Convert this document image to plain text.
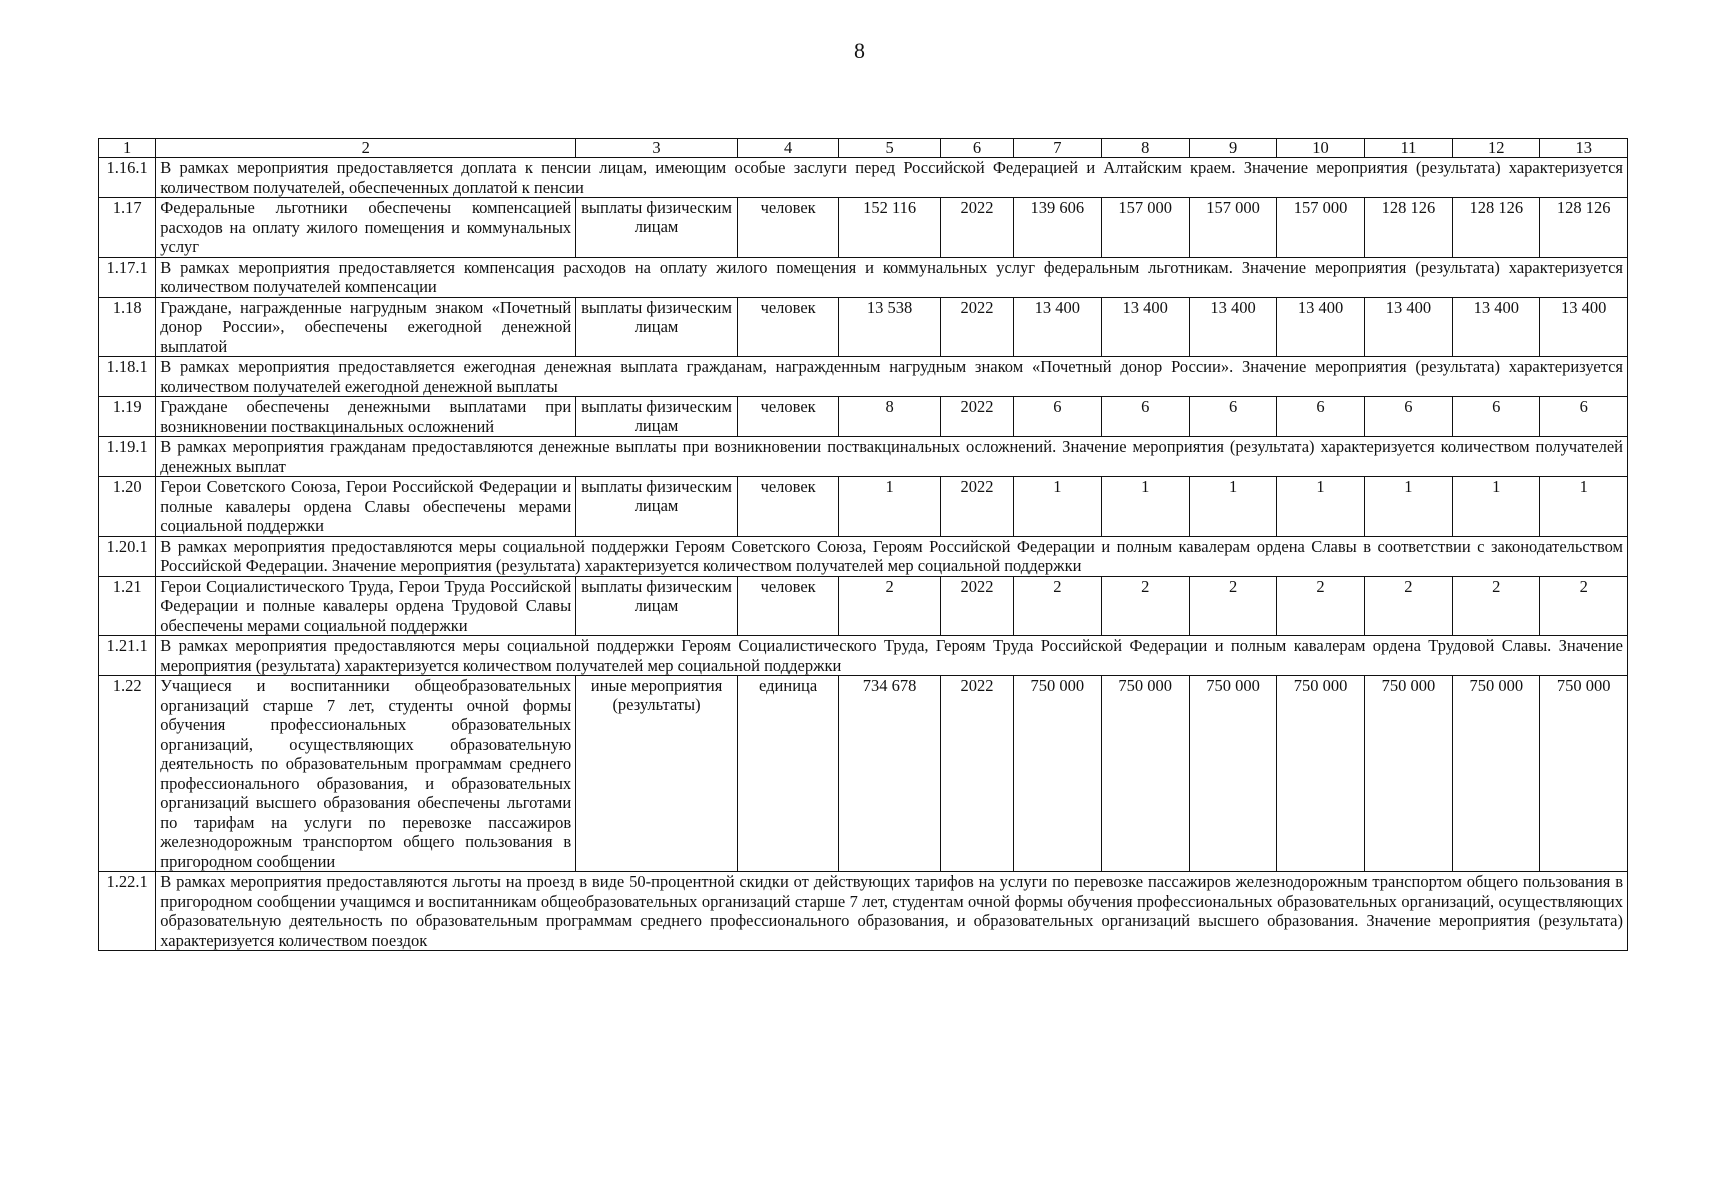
8
1	2	3	4	5	6	7	8	9	10	11	12	13
1.16.1	В рамках мероприятия предоставляется доплата к пенсии лицам, имеющим особые заслуги перед Российской Федерацией и Алтайским краем. Значение мероприятия (результата) характеризуется количеством получателей, обеспеченных доплатой к пенсии											
1.17	Федеральные льготники обеспечены компенсацией расходов на оплату жилого помещения и коммунальных услуг	выплаты физическим лицам	человек	152 116	2022	139 606	157 000	157 000	157 000	128 126	128 126	128 126
1.17.1	В рамках мероприятия предоставляется компенсация расходов на оплату жилого помещения и коммунальных услуг федеральным льготникам. Значение мероприятия (результата) характеризуется количеством получателей компенсации											
1.18	Граждане, награжденные нагрудным знаком «Почетный донор России», обеспечены ежегодной денежной выплатой	выплаты физическим лицам	человек	13 538	2022	13 400	13 400	13 400	13 400	13 400	13 400	13 400
1.18.1	В рамках мероприятия предоставляется ежегодная денежная выплата гражданам, награжденным нагрудным знаком «Почетный донор России». Значение мероприятия (результата) характеризуется количеством получателей ежегодной денежной выплаты											
1.19	Граждане обеспечены денежными выплатами при возникновении поствакцинальных осложнений	выплаты физическим лицам	человек	8	2022	6	6	6	6	6	6	6
1.19.1	В рамках мероприятия гражданам предоставляются денежные выплаты при возникновении поствакцинальных осложнений. Значение мероприятия (результата) характеризуется количеством получателей денежных выплат											
1.20	Герои Советского Союза, Герои Российской Федерации и полные кавалеры ордена Славы обеспечены мерами социальной поддержки	выплаты физическим лицам	человек	1	2022	1	1	1	1	1	1	1
1.20.1	В рамках мероприятия предоставляются меры социальной поддержки Героям Советского Союза, Героям Российской Федерации и полным кавалерам ордена Славы в соответствии с законодательством Российской Федерации. Значение мероприятия (результата) характеризуется количеством получателей мер социальной поддержки											
1.21	Герои Социалистического Труда, Герои Труда Российской Федерации и полные кавалеры ордена Трудовой Славы обеспечены мерами социальной поддержки	выплаты физическим лицам	человек	2	2022	2	2	2	2	2	2	2
1.21.1	В рамках мероприятия предоставляются меры социальной поддержки Героям Социалистического Труда, Героям Труда Российской Федерации и полным кавалерам ордена Трудовой Славы. Значение мероприятия (результата) характеризуется количеством получателей мер социальной поддержки											
1.22	Учащиеся и воспитанники общеобразовательных организаций старше 7 лет, студенты очной формы обучения профессиональных образовательных организаций, осуществляющих образовательную деятельность по образовательным программам среднего профессионального образования, и образовательных организаций высшего образования обеспечены льготами по тарифам на услуги по перевозке пассажиров железнодорожным транспортом общего пользования в пригородном сообщении	иные мероприятия (результаты)	единица	734 678	2022	750 000	750 000	750 000	750 000	750 000	750 000	750 000
1.22.1	В рамках мероприятия предоставляются льготы на проезд в виде 50-процентной скидки от действующих тарифов на услуги по перевозке пассажиров железнодорожным транспортом общего пользования в пригородном сообщении учащимся и воспитанникам общеобразовательных организаций старше 7 лет, студентам очной формы обучения профессиональных образовательных организаций, осуществляющих образовательную деятельность по образовательным программам среднего профессионального образования, и образовательных организаций высшего образования. Значение мероприятия (результата) характеризуется количеством поездок											
